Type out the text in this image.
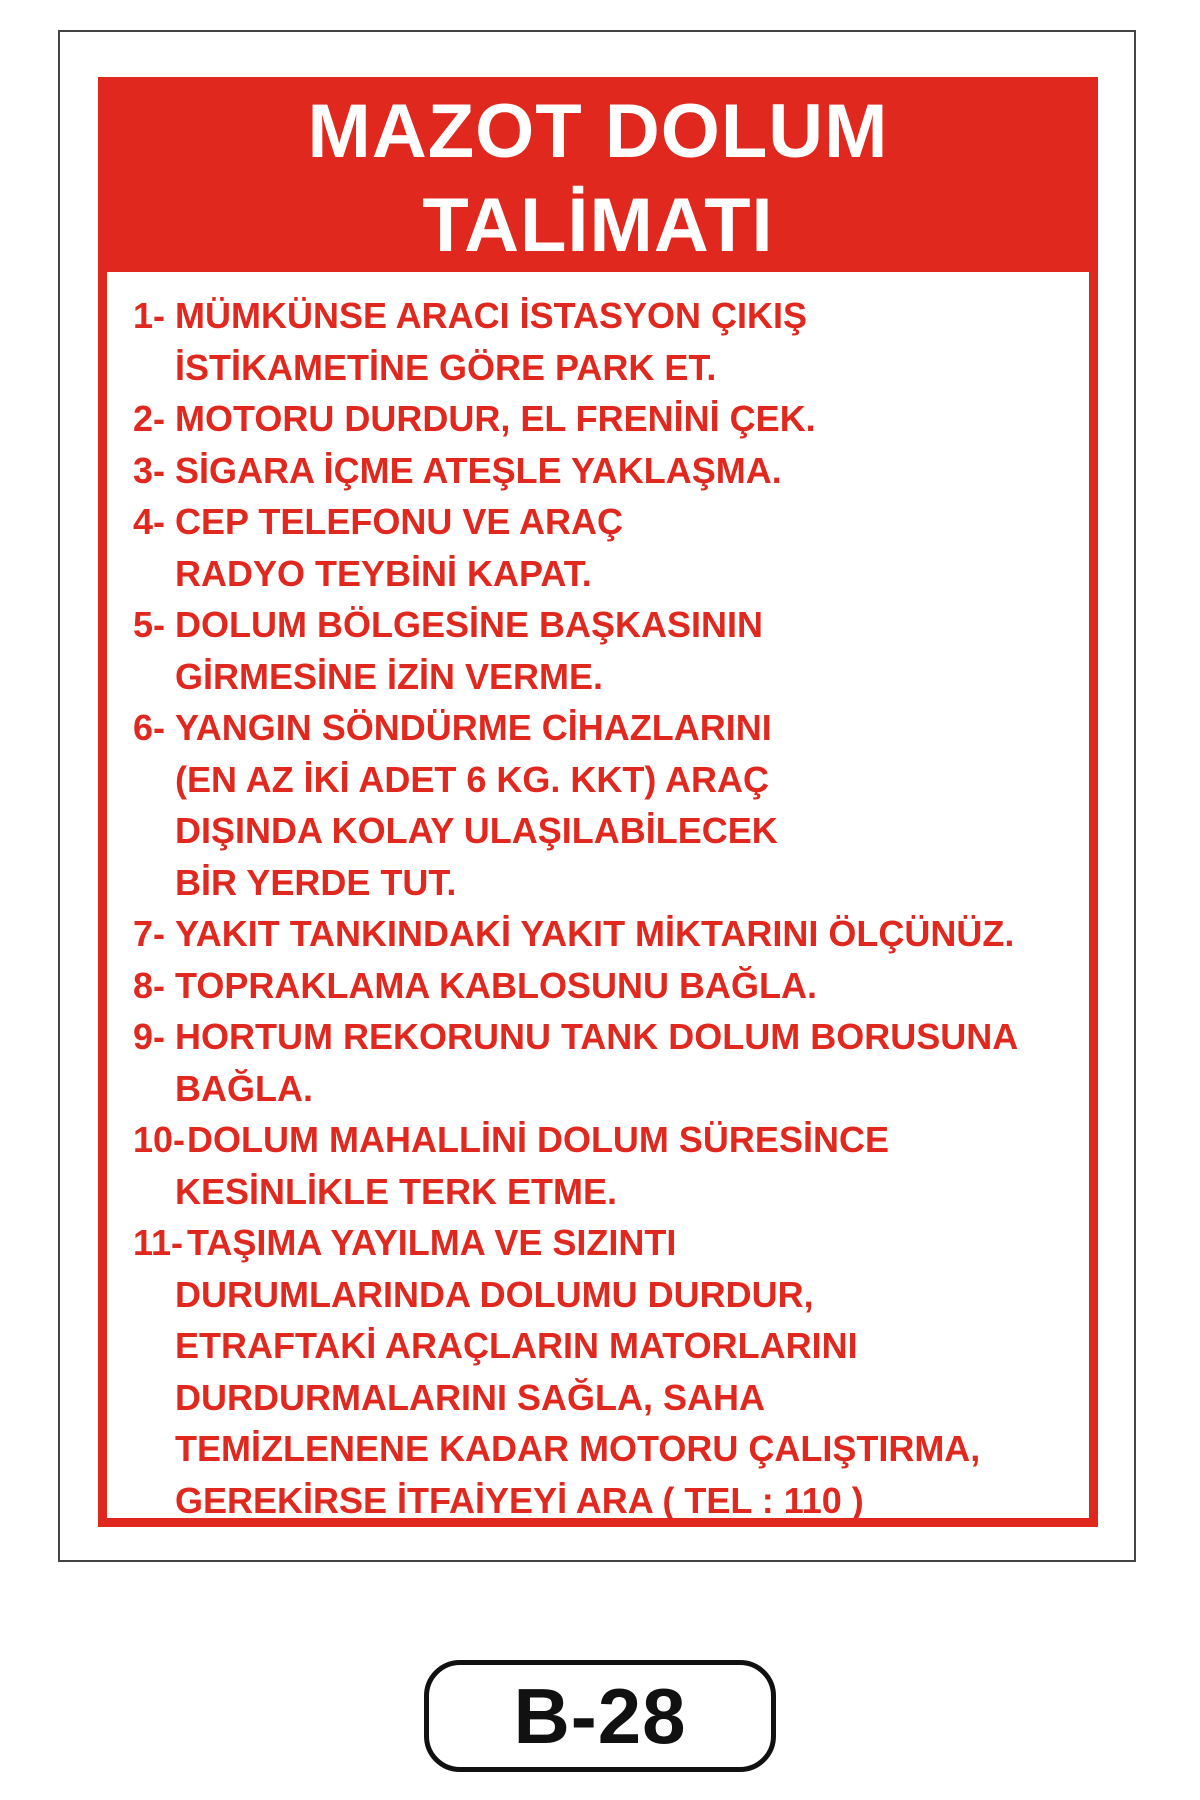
MAZOT DOLUM
TALİMATI
1- MÜMKÜNSE ARACI İSTASYON ÇIKIŞ
İSTİKAMETİNE GÖRE PARK ET.
2- MOTORU DURDUR, EL FRENİNİ ÇEK.
3- SİGARA İÇME ATEŞLE YAKLAŞMA.
4- CEP TELEFONU VE ARAÇ
RADYO TEYBİNİ KAPAT.
5- DOLUM BÖLGESİNE BAŞKASININ
GİRMESİNE İZİN VERME.
6- YANGIN SÖNDÜRME CİHAZLARINI
(EN AZ İKİ ADET 6 KG. KKT) ARAÇ
DIŞINDA KOLAY ULAŞILABİLECEK
BİR YERDE TUT.
7- YAKIT TANKINDAKİ YAKIT MİKTARINI ÖLÇÜNÜZ.
8- TOPRAKLAMA KABLOSUNU BAĞLA.
9- HORTUM REKORUNU TANK DOLUM BORUSUNA
BAĞLA.
10- DOLUM MAHALLİNİ DOLUM SÜRESİNCE
KESİNLİKLE TERK ETME.
11- TAŞIMA YAYILMA VE SIZINTI
DURUMLARINDA DOLUMU DURDUR,
ETRAFTAKİ ARAÇLARIN MATORLARINI
DURDURMALARINI SAĞLA, SAHA
TEMİZLENENE KADAR MOTORU ÇALIŞTIRMA,
GEREKİRSE İTFAİYEYİ ARA ( TEL : 110 )
B-28
